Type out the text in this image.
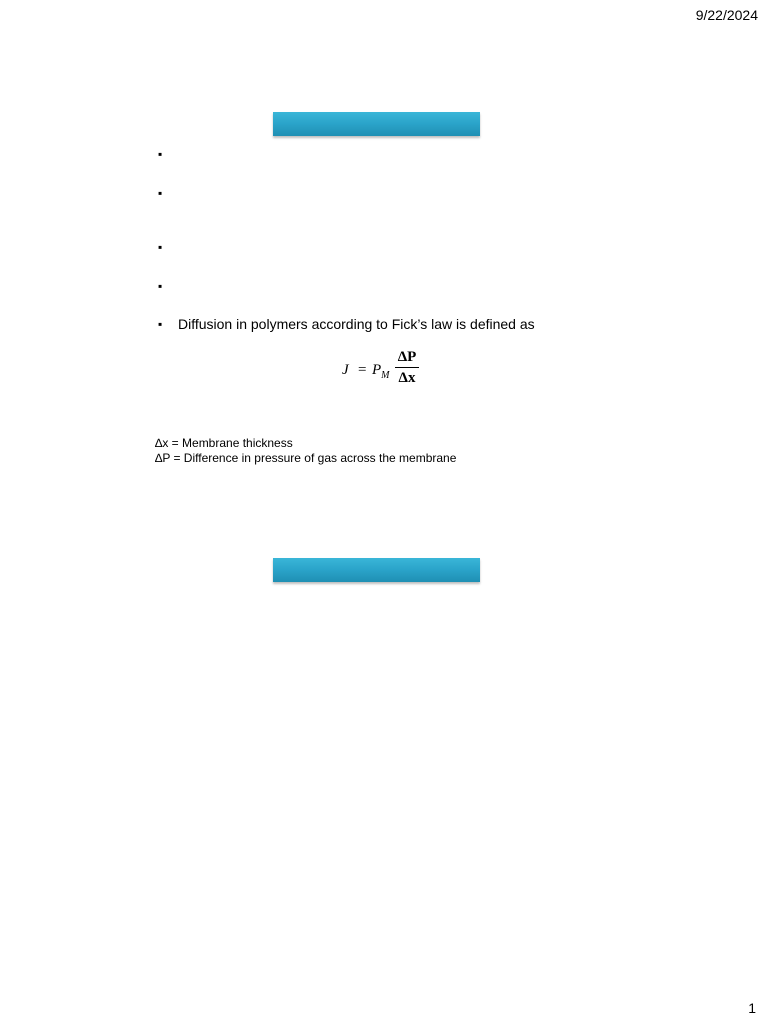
9/22/2024
▪
▪
▪
▪
▪ Diffusion in polymers according to Fick’s law is defined as
$J = P_M$
ΔP
Δx
∆x = Membrane thickness
∆P = Difference in pressure of gas across the membrane
1
